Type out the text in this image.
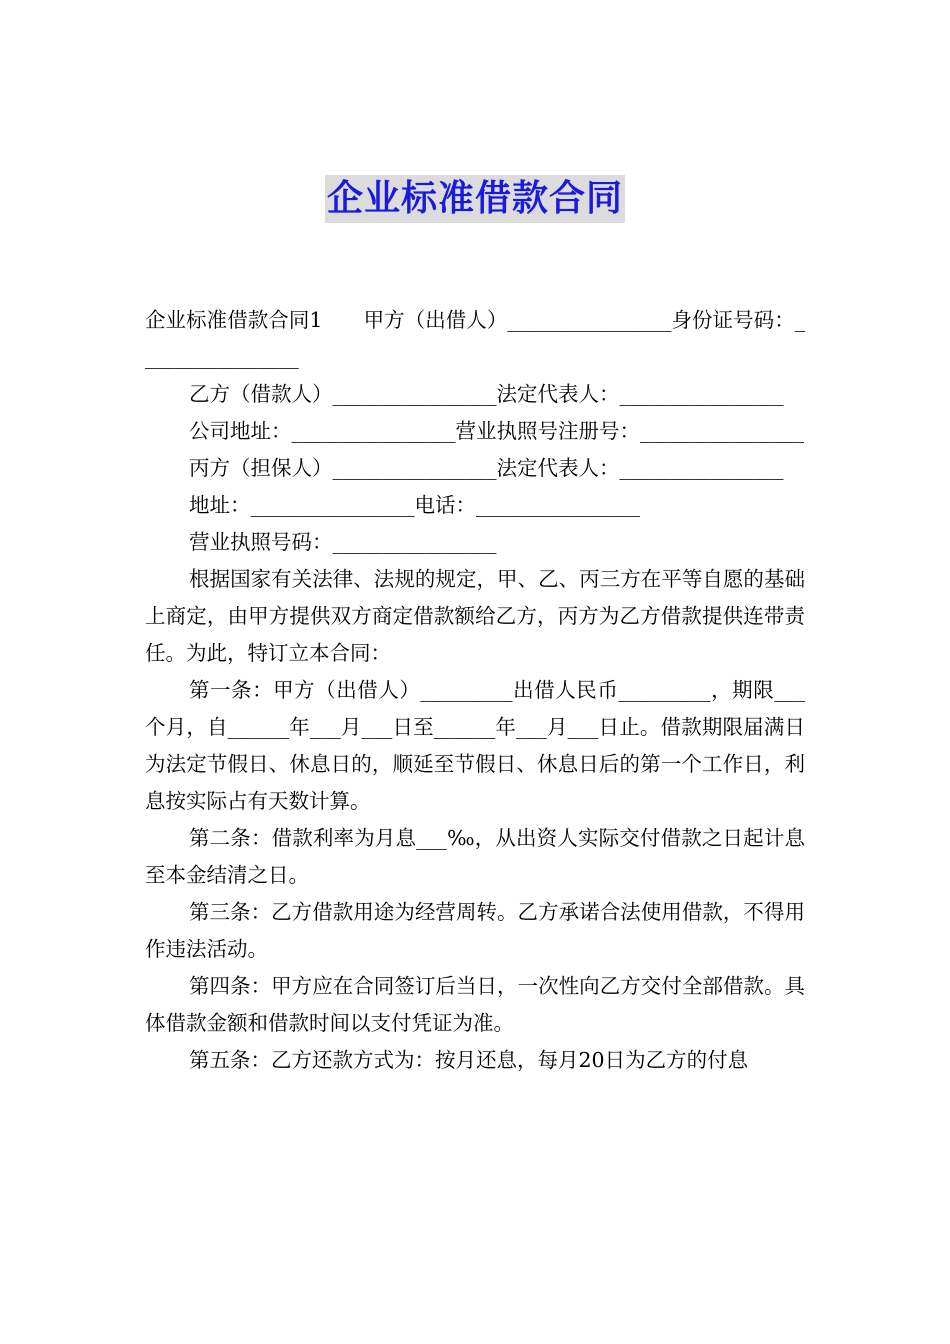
企业标准借款合同

企业标准借款合同1　　甲方（出借人）________________身份证号码：________________

乙方（借款人）________________法定代表人：________________

公司地址：________________营业执照号注册号：________________

丙方（担保人）________________法定代表人：________________

地址：________________电话：________________

营业执照号码：________________

根据国家有关法律、法规的规定，甲、乙、丙三方在平等自愿的基础上商定，由甲方提供双方商定借款额给乙方，丙方为乙方借款提供连带责任。为此，特订立本合同：

第一条：甲方（出借人）_________出借人民币_________，期限___个月，自______年___月___日至______年___月___日止。借款期限届满日为法定节假日、休息日的，顺延至节假日、休息日后的第一个工作日，利息按实际占有天数计算。

第二条：借款利率为月息___‰，从出资人实际交付借款之日起计息至本金结清之日。

第三条：乙方借款用途为经营周转。乙方承诺合法使用借款，不得用作违法活动。

第四条：甲方应在合同签订后当日，一次性向乙方交付全部借款。具体借款金额和借款时间以支付凭证为准。

第五条：乙方还款方式为：按月还息，每月20日为乙方的付息
